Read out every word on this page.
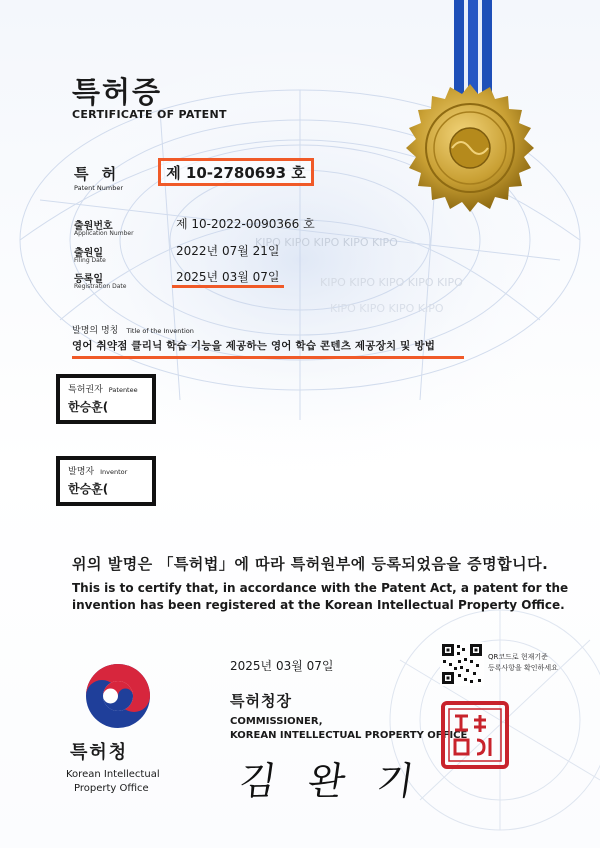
KIPO KIPO KIPO KIPO KIPO
KIPO KIPO KIPO KIPO KIPO
KIPO KIPO KIPO KIPO
특허증
CERTIFICATE OF PATENT
특 허
Patent Number
제 10-2780693 호
출원번호
Application Number
제 10-2022-0090366 호
출원일
Filing Date
2022년 07월 21일
등록일
Registration Date
2025년 03월 07일
발명의 명칭 Title of the Invention
영어 취약점 클리닉 학습 기능을 제공하는 영어 학습 콘텐츠 제공장치 및 방법
특허권자 Patentee
한승훈(
발명자 Inventor
한승훈(
위의 발명은 「특허법」에 따라 특허원부에 등록되었음을 증명합니다.
This is to certify that, in accordance with the Patent Act, a patent for the
invention has been registered at the Korean Intellectual Property Office.
특허청
Korean Intellectual
Property Office
2025년 03월 07일
특허청장
COMMISSIONER,
KOREAN INTELLECTUAL PROPERTY OFFICE
김 완 기
QR코드로 현재기준
등록사항을 확인하세요
